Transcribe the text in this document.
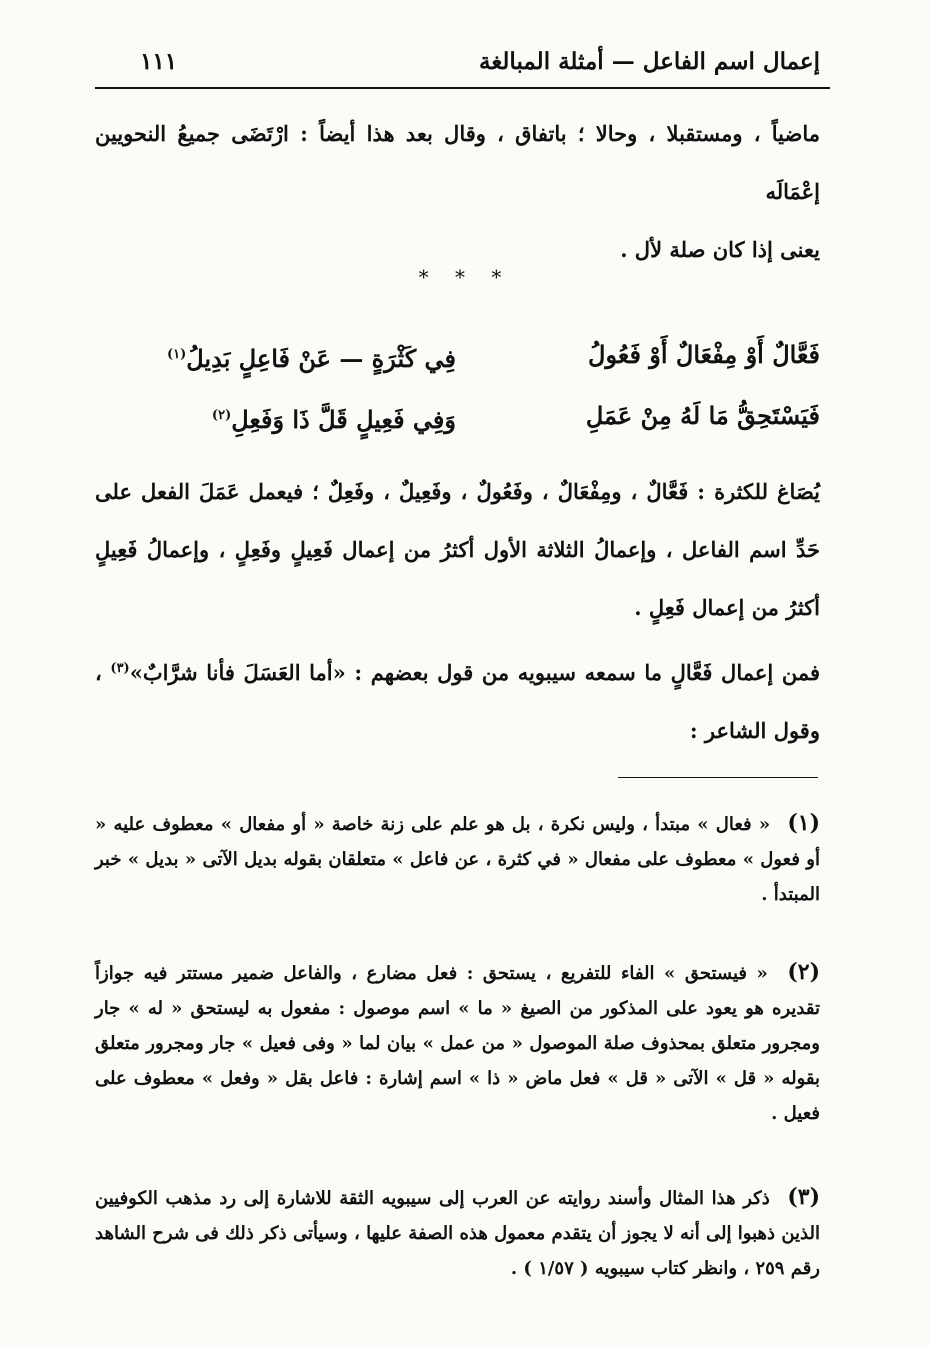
إعمال اسم الفاعل — أمثلة المبالغة
١١١
ماضياً ، ومستقبلا ، وحالا ؛ باتفاق ، وقال بعد هذا أيضاً : ارْتَضَى جميعُ النحويين إعْمَالَه
يعنى إذا كان صلة لأل .
* * *
فَعَّالٌ أَوْ مِفْعَالٌ أَوْ فَعُولُ
فِي كَثْرَةٍ — عَنْ فَاعِلٍ بَدِيلُ$^{(١)}$
فَيَسْتَحِقُّ مَا لَهُ مِنْ عَمَلِ
وَفِي فَعِيلٍ قَلَّ ذَا وَفَعِلِ$^{(٢)}$
يُصَاغ للكثرة : فَعَّالٌ ، ومِفْعَالٌ ، وفَعُولٌ ، وفَعِيلٌ ، وفَعِلٌ ؛ فيعمل عَمَلَ الفعل على حَدِّ اسم الفاعل ، وإعمالُ الثلاثة الأول أكثرُ من إعمال فَعِيلٍ وفَعِلٍ ، وإعمالُ فَعِيلٍ أكثرُ من إعمال فَعِلٍ .
فمن إعمال فَعَّالٍ ما سمعه سيبويه من قول بعضهم : «أما العَسَلَ فأنا شرَّابٌ»$^{(٣)}$ ، وقول الشاعر :
(١) « فعال » مبتدأ ، وليس نكرة ، بل هو علم على زنة خاصة « أو مفعال » معطوف عليه « أو فعول » معطوف على مفعال « في كثرة ، عن فاعل » متعلقان بقوله بديل الآتى « بديل » خبر المبتدأ .
(٢) « فيستحق » الفاء للتفريع ، يستحق : فعل مضارع ، والفاعل ضمير مستتر فيه جوازاً تقديره هو يعود على المذكور من الصيغ « ما » اسم موصول : مفعول به ليستحق « له » جار ومجرور متعلق بمحذوف صلة الموصول « من عمل » بيان لما « وفى فعيل » جار ومجرور متعلق بقوله « قل » الآتى « قل » فعل ماض « ذا » اسم إشارة : فاعل بقل « وفعل » معطوف على فعيل .
(٣) ذكر هذا المثال وأسند روايته عن العرب إلى سيبويه الثقة للاشارة إلى رد مذهب الكوفيين الذين ذهبوا إلى أنه لا يجوز أن يتقدم معمول هذه الصفة عليها ، وسيأتى ذكر ذلك فى شرح الشاهد رقم ٢٥٩ ، وانظر كتاب سيبويه ( ١/٥٧ ) .
